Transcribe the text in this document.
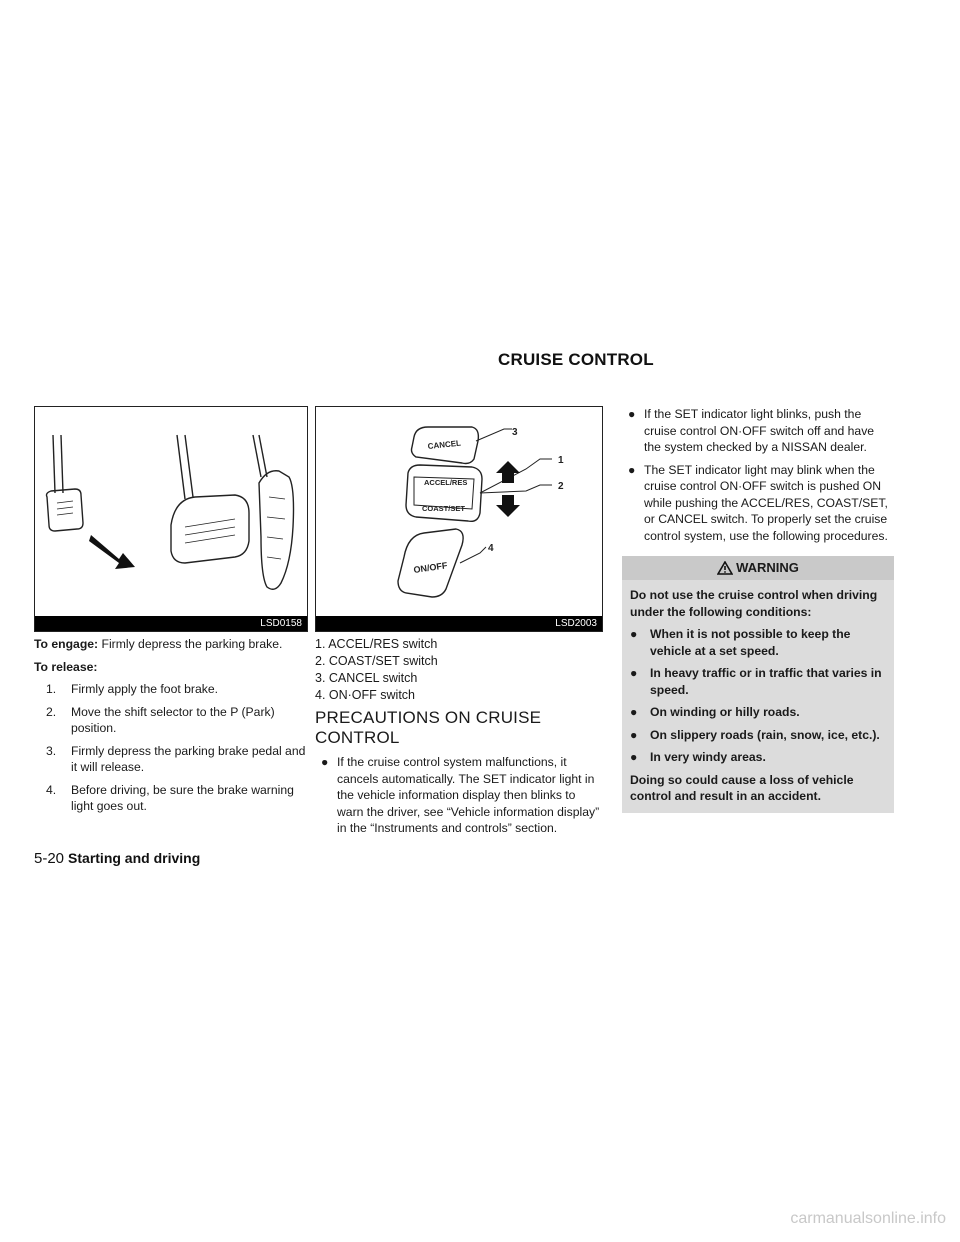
CRUISE CONTROL
LSD0158
CANCEL
ACCEL/RES
COAST/SET
ON/OFF
3
1
2
4
LSD2003

To engage: Firmly depress the parking brake.

To release:

1. Firmly apply the foot brake.
2. Move the shift selector to the P (Park) position.
3. Firmly depress the parking brake pedal and it will release.
4. Before driving, be sure the brake warning light goes out.
1. ACCEL/RES switch
2. COAST/SET switch
3. CANCEL switch
4. ON·OFF switch
PRECAUTIONS ON CRUISE CONTROL
● If the cruise control system malfunctions, it cancels automatically. The SET indicator light in the vehicle information display then blinks to warn the driver, see “Vehicle information display” in the “Instruments and controls” section.
● If the SET indicator light blinks, push the cruise control ON·OFF switch off and have the system checked by a NISSAN dealer.
● The SET indicator light may blink when the cruise control ON·OFF switch is pushed ON while pushing the ACCEL/RES, COAST/SET, or CANCEL switch. To properly set the cruise control system, use the following procedures.
WARNING

Do not use the cruise control when driving under the following conditions:

● When it is not possible to keep the vehicle at a set speed.
● In heavy traffic or in traffic that varies in speed.
● On winding or hilly roads.
● On slippery roads (rain, snow, ice, etc.).
● In very windy areas.

Doing so could cause a loss of vehicle control and result in an accident.

5-20 Starting and driving
carmanualsonline.info
